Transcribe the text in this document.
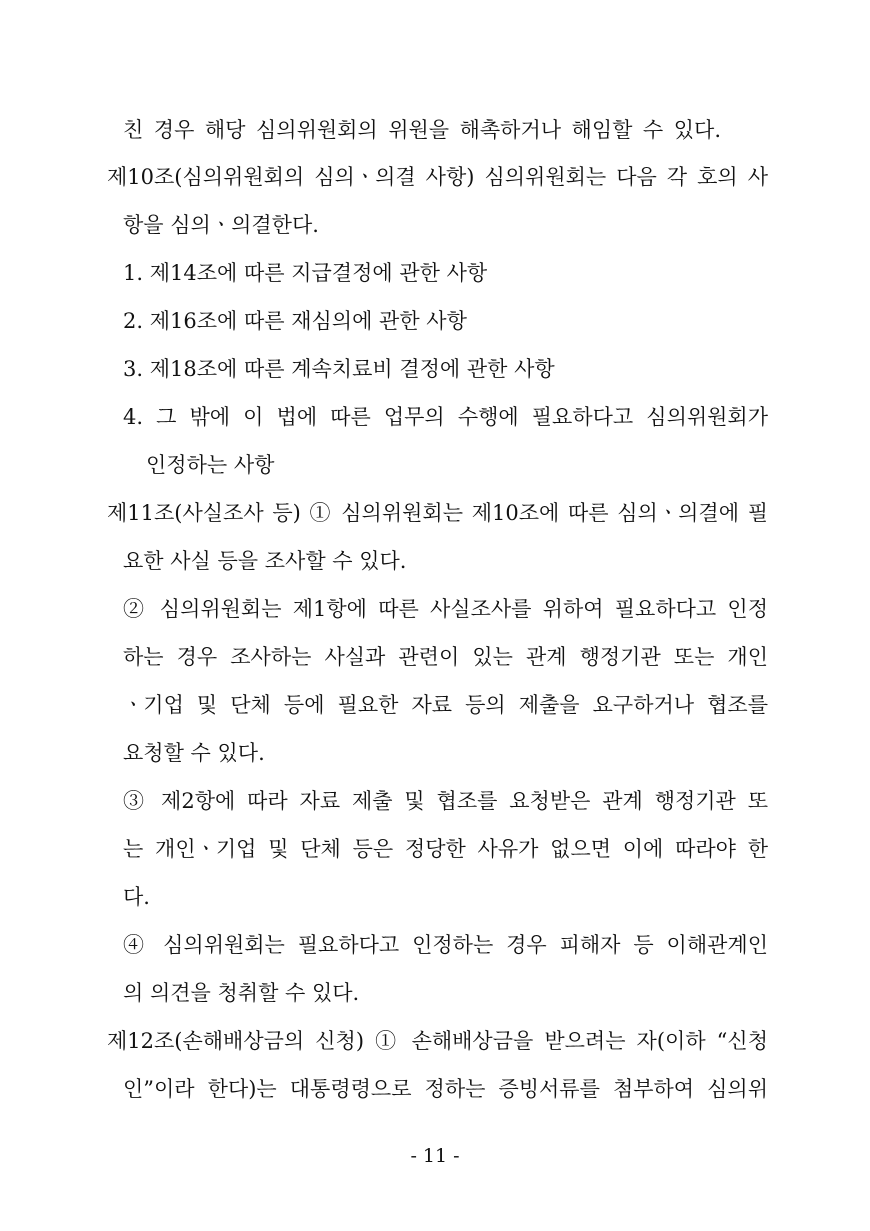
친 경우 해당 심의위원회의 위원을 해촉하거나 해임할 수 있다.
제10조(심의위원회의 심의ㆍ의결 사항) 심의위원회는 다음 각 호의 사
항을 심의ㆍ의결한다.
1. 제14조에 따른 지급결정에 관한 사항
2. 제16조에 따른 재심의에 관한 사항
3. 제18조에 따른 계속치료비 결정에 관한 사항
4. 그 밖에 이 법에 따른 업무의 수행에 필요하다고 심의위원회가
인정하는 사항
제11조(사실조사 등) ① 심의위원회는 제10조에 따른 심의ㆍ의결에 필
요한 사실 등을 조사할 수 있다.
② 심의위원회는 제1항에 따른 사실조사를 위하여 필요하다고 인정
하는 경우 조사하는 사실과 관련이 있는 관계 행정기관 또는 개인
ㆍ기업 및 단체 등에 필요한 자료 등의 제출을 요구하거나 협조를
요청할 수 있다.
③ 제2항에 따라 자료 제출 및 협조를 요청받은 관계 행정기관 또
는 개인ㆍ기업 및 단체 등은 정당한 사유가 없으면 이에 따라야 한
다.
④ 심의위원회는 필요하다고 인정하는 경우 피해자 등 이해관계인
의 의견을 청취할 수 있다.
제12조(손해배상금의 신청) ① 손해배상금을 받으려는 자(이하 “신청
인”이라 한다)는 대통령령으로 정하는 증빙서류를 첨부하여 심의위
- 11 -
